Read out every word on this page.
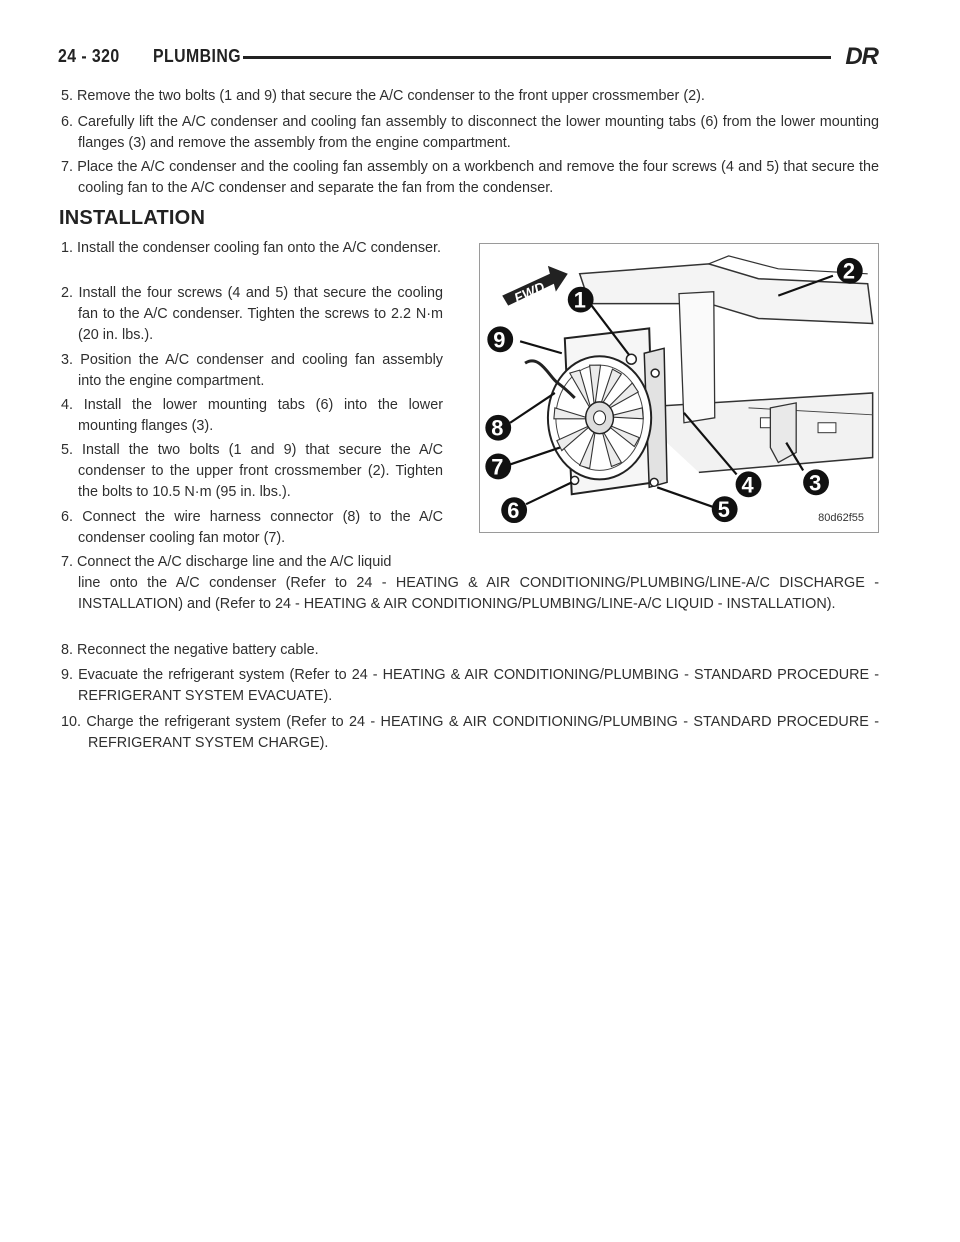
24 - 320 PLUMBING	DR

5. Remove the two bolts (1 and 9) that secure the A/C condenser to the front upper crossmember (2).

6. Carefully lift the A/C condenser and cooling fan assembly to disconnect the lower mounting tabs (6) from the lower mounting flanges (3) and remove the assembly from the engine compartment.

7. Place the A/C condenser and the cooling fan assembly on a workbench and remove the four screws (4 and 5) that secure the cooling fan to the A/C condenser and separate the fan from the condenser.

INSTALLATION

1. Install the condenser cooling fan onto the A/C condenser.

2. Install the four screws (4 and 5) that secure the cooling fan to the A/C condenser. Tighten the screws to 2.2 N·m (20 in. lbs.).

3. Position the A/C condenser and cooling fan assembly into the engine compartment.

4. Install the lower mounting tabs (6) into the lower mounting flanges (3).

5. Install the two bolts (1 and 9) that secure the A/C condenser to the upper front crossmember (2). Tighten the bolts to 10.5 N·m (95 in. lbs.).

6. Connect the wire harness connector (8) to the A/C condenser cooling fan motor (7).

7. Connect the A/C discharge line and the A/C liquid

line onto the A/C condenser (Refer to 24 - HEATING & AIR CONDITIONING/PLUMBING/LINE-A/C DISCHARGE - INSTALLATION) and (Refer to 24 - HEATING & AIR CONDITIONING/PLUMBING/LINE-A/C LIQUID - INSTALLATION).

8. Reconnect the negative battery cable.

9. Evacuate the refrigerant system (Refer to 24 - HEATING & AIR CONDITIONING/PLUMBING - STANDARD PROCEDURE - REFRIGERANT SYSTEM EVACUATE).

10. Charge the refrigerant system (Refer to 24 - HEATING & AIR CONDITIONING/PLUMBING - STANDARD PROCEDURE - REFRIGERANT SYSTEM CHARGE).

FWD 1
2
3
4
5
6
7
8
9
80d62f55
